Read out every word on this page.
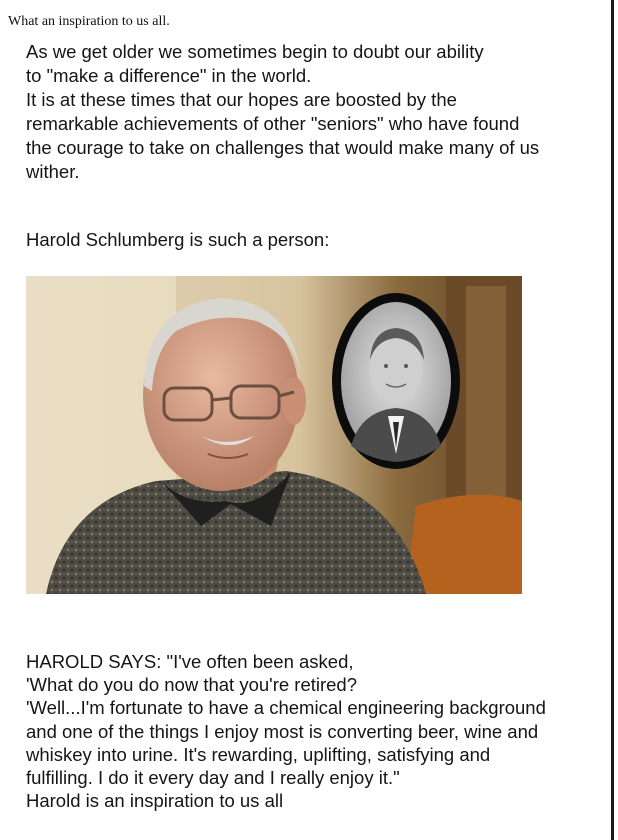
What an inspiration to us all.
As we get older we sometimes begin to doubt our ability
to "make a difference" in the world.
It is at these times that our hopes are boosted by the
remarkable achievements of other "seniors" who have found
the courage to take on challenges that would make many of us
wither.
Harold Schlumberg is such a person:
HAROLD SAYS: "I've often been asked,
'What do you do now that you're retired?
'Well...I'm fortunate to have a chemical engineering background
and one of the things I enjoy most is converting beer, wine and
whiskey into urine. It's rewarding, uplifting, satisfying and
fulfilling. I do it every day and I really enjoy it."
Harold is an inspiration to us all
